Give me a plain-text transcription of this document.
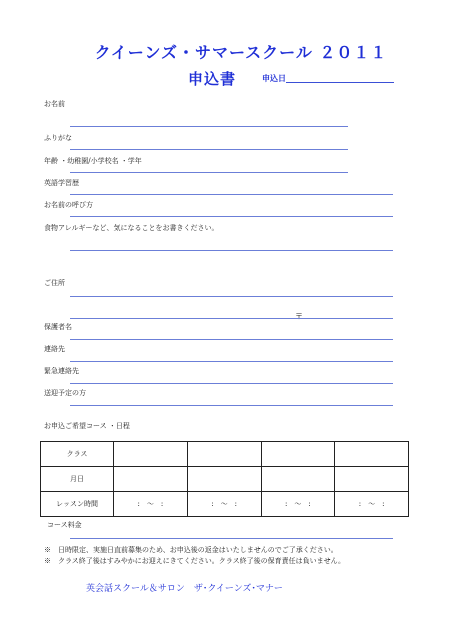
クイーンズ・サマースクール ２０１１
申込書	申込日
お名前
ふりがな
年齢 ・幼稚園/小学校名 ・学年
英語学習歴
お名前の呼び方
食物アレルギーなど、気になることをお書きください。
ご住所
〒
保護者名
連絡先
緊急連絡先
送迎予定の方
お申込ご希望コース ・日程
クラス				
月日				
レッスン時間	:　〜　:	:　〜　:	:　〜　:	:　〜　:
コース料金
※　日時限定、実施日直前募集のため、お申込後の返金はいたしませんのでご了承ください。
※　クラス終了後はすみやかにお迎えにきてください。クラス終了後の保育責任は負いません。
英会話スクール＆サロン　ザ･クイーンズ･マナー
